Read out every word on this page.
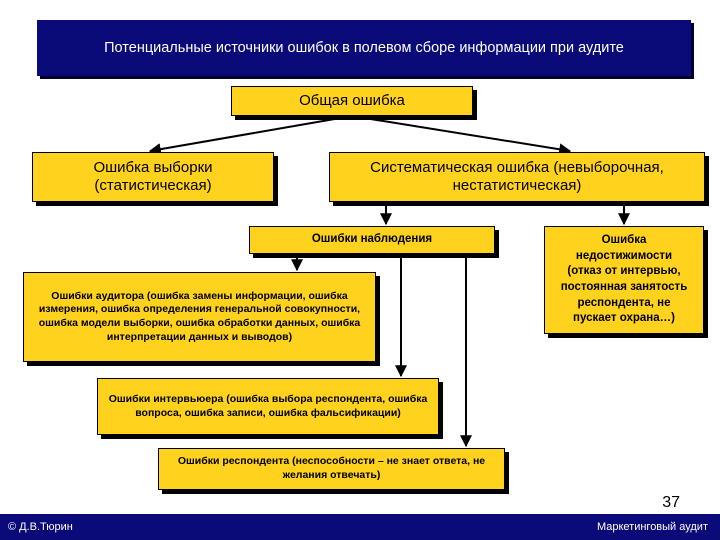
Потенциальные источники ошибок в полевом сборе информации при аудите
Общая ошибка
Ошибка выборки
(статистическая)
Систематическая ошибка (невыборочная,
нестатистическая)
Ошибки наблюдения	Ошибка
недостижимости
(отказ от интервью,
постоянная занятость
респондента, не
пускает охрана…)
Ошибки аудитора (ошибка замены информации, ошибка измерения, ошибка определения генеральной совокупности, ошибка модели выборки, ошибка обработки данных, ошибка интерпретации данных и выводов)
Ошибки интервьюера (ошибка выбора респондента, ошибка вопроса, ошибка записи, ошибка фальсификации)
Ошибки респондента (неспособности – не знает ответа, не желания отвечать)
37
© Д.В.Тюрин	Маркетинговый аудит
